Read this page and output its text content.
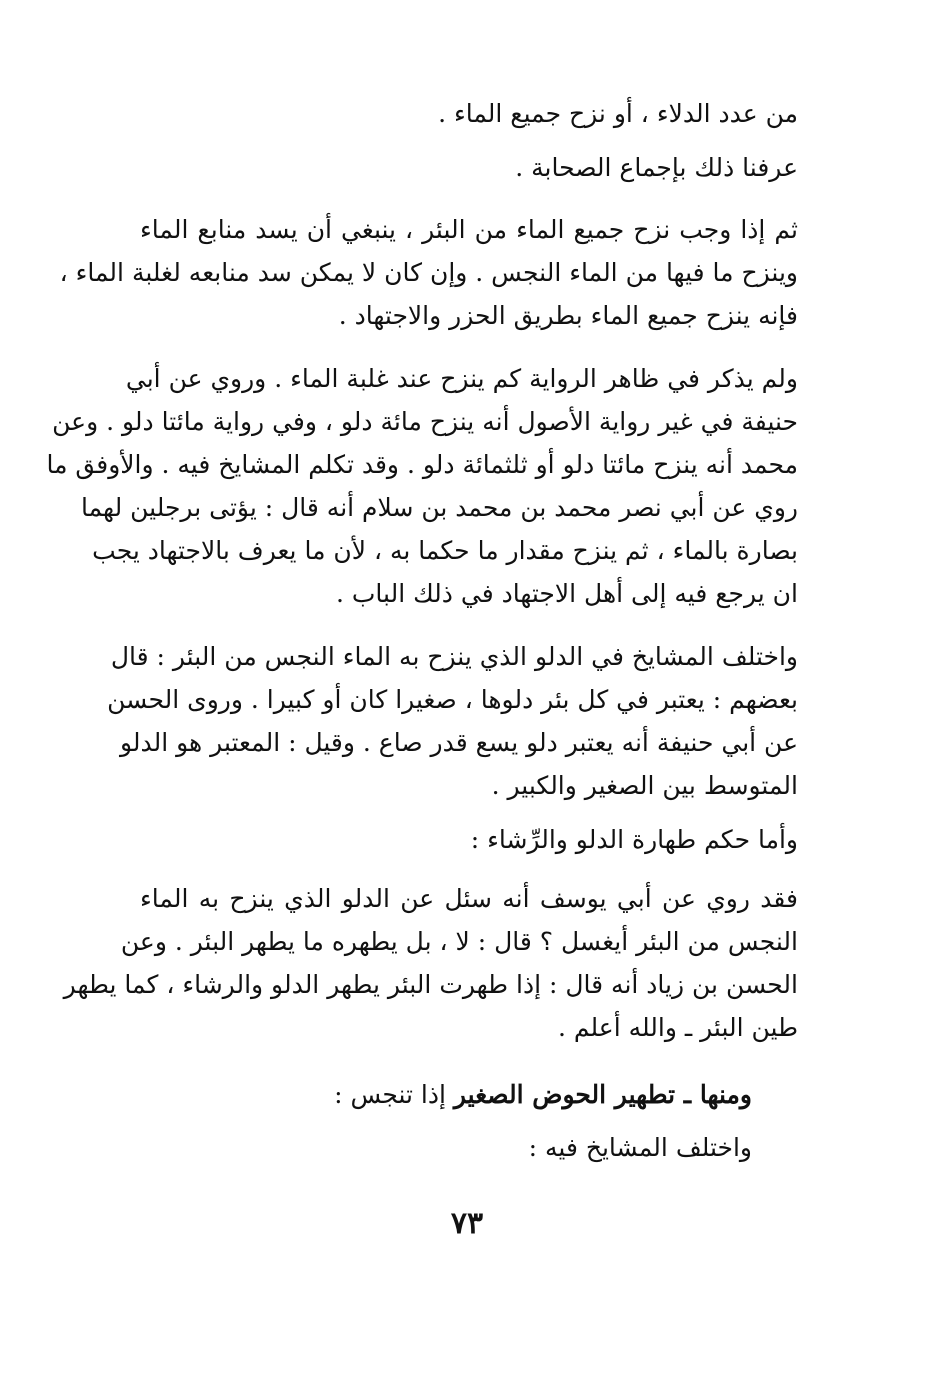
من عدد الدلاء ، أو نزح جميع الماء .
عرفنا ذلك بإجماع الصحابة .
ثم إذا وجب نزح جميع الماء من البئر ، ينبغي أن يسد منابع الماء
وينزح ما فيها من الماء النجس . وإن كان لا يمكن سد منابعه لغلبة الماء ،
فإنه ينزح جميع الماء بطريق الحزر والاجتهاد .
ولم يذكر في ظاهر الرواية كم ينزح عند غلبة الماء . وروي عن أبي
حنيفة في غير رواية الأصول أنه ينزح مائة دلو ، وفي رواية مائتا دلو . وعن
محمد أنه ينزح مائتا دلو أو ثلثمائة دلو . وقد تكلم المشايخ فيه . والأوفق ما
روي عن أبي نصر محمد بن محمد بن سلام أنه قال : يؤتى برجلين لهما
بصارة بالماء ، ثم ينزح مقدار ما حكما به ، لأن ما يعرف بالاجتهاد يجب
ان يرجع فيه إلى أهل الاجتهاد في ذلك الباب .
واختلف المشايخ في الدلو الذي ينزح به الماء النجس من البئر : قال
بعضهم : يعتبر في كل بئر دلوها ، صغيرا كان أو كبيرا . وروى الحسن
عن أبي حنيفة أنه يعتبر دلو يسع قدر صاع . وقيل : المعتبر هو الدلو
المتوسط بين الصغير والكبير .
وأما حكم طهارة الدلو والرِّشاء :
فقد روي عن أبي يوسف أنه سئل عن الدلو الذي ينزح به الماء
النجس من البئر أيغسل ؟ قال : لا ، بل يطهره ما يطهر البئر . وعن
الحسن بن زياد أنه قال : إذا طهرت البئر يطهر الدلو والرشاء ، كما يطهر
طين البئر ـ والله أعلم .
ومنها ـ تطهير الحوض الصغير إذا تنجس :
واختلف المشايخ فيه :
٧٣
